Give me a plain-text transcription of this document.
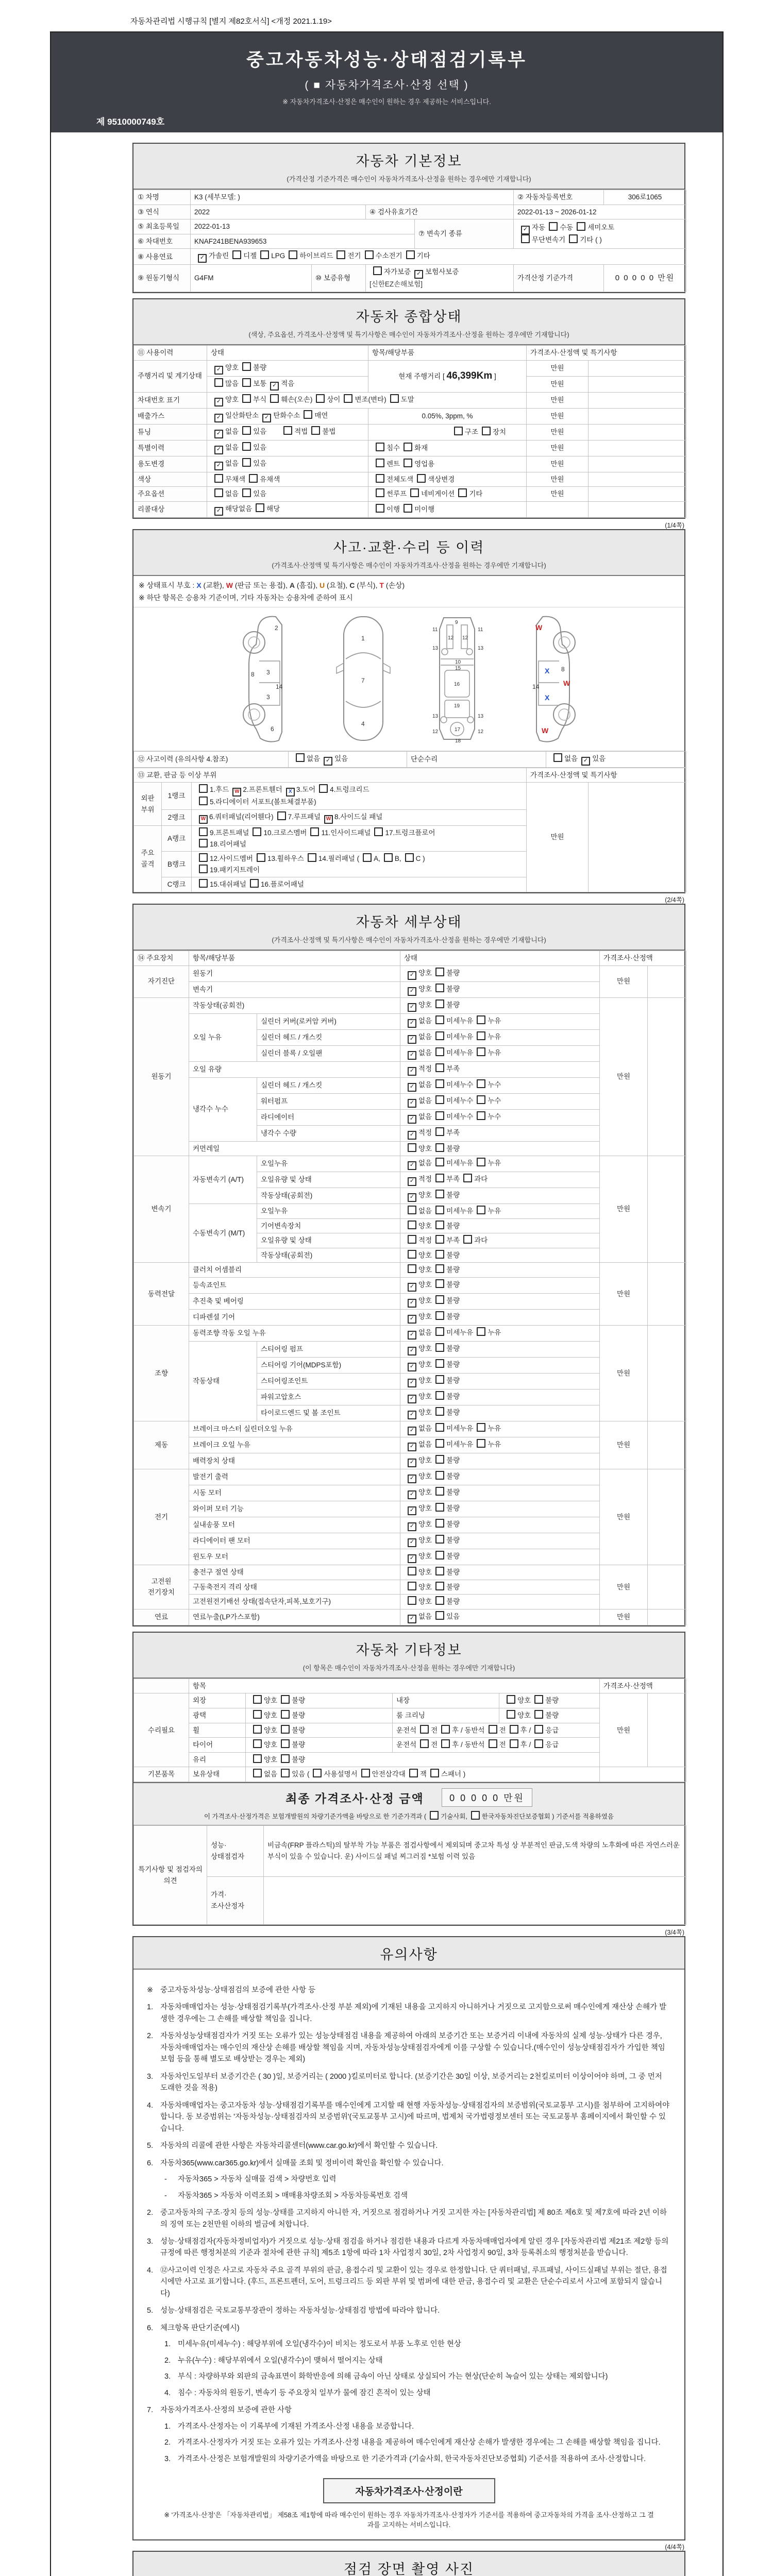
자동차관리법 시행규칙 [별지 제82호서식] <개정 2021.1.19>
중고자동차성능·상태점검기록부
( ■ 자동차가격조사·산정 선택 )
※ 자동차가격조사·산정은 매수인이 원하는 경우 제공하는 서비스입니다.
제 9510000749호
자동차 기본정보
(가격산정 기준가격은 매수인이 자동차가격조사·산정을 원하는 경우에만 기재합니다)
① 차명	K3 (세부모델: )				② 자동차등록번호	306로1065
③ 연식	2022		④ 검사유효기간		2022-01-13 ~ 2026-01-12	
⑤ 최초등록일	2022-01-13			⑦ 변속기 종류	✓ 자동 수동 세미오토
무단변속기 기타 ( )	
⑥ 차대번호	KNAF241BENA939653					
⑧ 사용연료	✓ 가솔린 디젤 LPG 하이브리드 전기 수소전기 기타					
⑨ 원동기형식	G4FM	⑩ 보증유형	자가보증 ✓ 보험사보증 [신한EZ손해보험]		가격산정 기준가격	0 0 0 0 0 만원
자동차 종합상태
(색상, 주요옵션, 가격조사·산정액 및 특기사항은 매수인이 자동차가격조사·산정을 원하는 경우에만 기재합니다)
⑪ 사용이력	상태	항목/해당부품	가격조사·산정액 및 특기사항	
주행거리 및 계기상태	✓ 양호 불량	현재 주행거리 [ 46,399Km ]	만원	
	많음 보통 ✓ 적음		만원	
차대번호 표기	✓ 양호 부식 훼손(오손) 상이 변조(변타) 도말		만원	
배출가스	✓ 일산화탄소 ✓ 탄화수소 매연	0.05%, 3ppm, %	만원	
튜닝	✓ 없음 있음 적법 불법	구조 장치	만원	
특별이력	✓ 없음 있음	침수 화재	만원	
용도변경	✓ 없음 있음	렌트 영업용	만원	
색상	무채색 유채색	전체도색 색상변경	만원	
주요옵션	없음 있음	썬루프 네비게이션 기타	만원	
리콜대상	✓ 해당없음 해당	이행 미이행		
(1/4쪽)
사고·교환·수리 등 이력
(가격조사·산정액 및 특기사항은 매수인이 자동차가격조사·산정을 원하는 경우에만 기재합니다)
※ 상태표시 부호 : X (교환), W (판금 또는 용접), A (흠집), U (요철), C (부식), T (손상)
※ 하단 항목은 승용차 기준이며, 기타 자동차는 승용차에 준하여 표시
2
8 3
14
3
6
1
7
4
9
11	11
13	13
12 12
10
15
16
19
13	13
12	12
17
18
W
X 8
W
14
X
W
⑫ 사고이력 (유의사항 4.참조)	없음 ✓ 있음	단순수리	없음 ✓ 있음
⑬ 교환, 판금 등 이상 부위			가격조사·산정액 및 특기사항	
외판 부위	1랭크	1.후드 W 2.프론트휀더 X 3.도어 4.트렁크리드
5.라디에이터 서포트(볼트체결부품)	만원	
	2랭크	W 6.쿼터패널(리어휀다) 7.루프패널 W 8.사이드실 패널		
주요 골격	A랭크	9.프론트패널 10.크로스멤버 11.인사이드패널 17.트렁크플로어
18.리어패널		
	B랭크	12.사이드멤버 13.휠하우스 14.필러패널 ( A, B, C )
19.패키지트레이		
	C랭크	15.대쉬패널 16.플로어패널		
(2/4쪽)
자동차 세부상태
(가격조사·산정액 및 특기사항은 매수인이 자동차가격조사·산정을 원하는 경우에만 기재합니다)
⑭ 주요장치	항목/해당부품		상태	가격조사·산정액	
자기진단	원동기		✓ 양호 불량	만원	
	변속기		✓ 양호 불량		
원동기	작동상태(공회전)		✓ 양호 불량	만원	
	오일 누유	실린더 커버(로커암 커버)	✓ 없음 미세누유 누유		
		실린더 헤드 / 개스킷	✓ 없음 미세누유 누유		
		실린더 블록 / 오일팬	✓ 없음 미세누유 누유		
	오일 유량		✓ 적정 부족		
	냉각수 누수	실린더 헤드 / 개스킷	✓ 없음 미세누수 누수		
		워터펌프	✓ 없음 미세누수 누수		
		라디에이터	✓ 없음 미세누수 누수		
		냉각수 수량	✓ 적정 부족		
	커먼레일		양호 불량		
변속기	자동변속기 (A/T)	오일누유	✓ 없음 미세누유 누유	만원	
		오일유량 및 상태	✓ 적정 부족 과다		
		작동상태(공회전)	✓ 양호 불량		
	수동변속기 (M/T)	오일누유	없음 미세누유 누유		
		기어변속장치	양호 불량		
		오일유량 및 상태	적정 부족 과다		
		작동상태(공회전)	양호 불량		
동력전달	클러치 어셈블리		양호 불량	만원	
	등속죠인트		✓ 양호 불량		
	추진축 및 베어링		✓ 양호 불량		
	디파렌셜 기어		✓ 양호 불량		
조향	동력조향 작동 오일 누유		✓ 없음 미세누유 누유	만원	
	작동상태	스티어링 펌프	✓ 양호 불량		
		스티어링 기어(MDPS포함)	✓ 양호 불량		
		스티어링조인트	✓ 양호 불량		
		파워고압호스	✓ 양호 불량		
		타이로드엔드 및 볼 조인트	✓ 양호 불량		
제동	브레이크 마스터 실린더오일 누유		✓ 없음 미세누유 누유	만원	
	브레이크 오일 누유		✓ 없음 미세누유 누유		
	배력장치 상태		✓ 양호 불량		
전기	발전기 출력		✓ 양호 불량	만원	
	시동 모터		✓ 양호 불량		
	와이퍼 모터 기능		✓ 양호 불량		
	실내송풍 모터		✓ 양호 불량		
	라디에이터 팬 모터		✓ 양호 불량		
	윈도우 모터		✓ 양호 불량		
고전원 전기장치	충전구 절연 상태		양호 불량	만원	
	구동축전지 격리 상태		양호 불량		
	고전원전기배선 상태(접속단자,피복,보호기구)		양호 불량		
연료	연료누출(LP가스포함)		✓ 없음 있음	만원	
자동차 기타정보
(이 항목은 매수인이 자동차가격조사·산정을 원하는 경우에만 기재합니다)
	항목				가격조사·산정액	
수리필요	외장	양호 불량	내장	양호 불량	만원	
	광택	양호 불량	룸 크리닝	양호 불량		
	휠	양호 불량	운전석 전 후 / 동반석 전 후 / 응급			
	타이어	양호 불량	운전석 전 후 / 동반석 전 후 / 응급			
	유리	양호 불량				
기본품목	보유상태	없음 있음 ( 사용설명서 안전삼각대 잭 스패너 )				
최종 가격조사·산정 금액	0 0 0 0 0 만원
이 가격조사·산정가격은 보험개발원의 차량기준가액을 바탕으로 한 기준가격과 ( 기술사회, 한국자동차진단보증협회 ) 기준서를 적용하였음
특기사항 및 점검자의 의견	성능·상태점검자	비금속(FRP 플라스틱)의 탈부착 가능 부품은 점검사항에서 제외되며 중고차 특성 상 부분적인 판금,도색 차량의 노후화에 따른 자연스러운 부식이 있을 수 있습니다. 운) 사이드실 패널 찌그러짐 *보험 이력 있음
	가격·조사산정자	
(3/4쪽)
유의사항
※ 중고자동차성능·상태점검의 보증에 관한 사항 등
1. 자동차매매업자는 성능·상태점검기록부(가격조사·산정 부분 제외)에 기재된 내용을 고지하지 아니하거나 거짓으로 고지함으로써 매수인에게 재산상 손해가 발생한 경우에는 그 손해를 배상할 책임을 집니다.
2. 자동차성능상태점검자가 거짓 또는 오류가 있는 성능상태점검 내용을 제공하여 아래의 보증기간 또는 보증거리 이내에 자동차의 실제 성능·상태가 다른 경우, 자동차매매업자는 매수인의 재산상 손해를 배상할 책임을 지며, 자동차성능상태점검자에게 이를 구상할 수 있습니다.(매수인이 성능상태점검자가 가입한 책임보험 등을 통해 별도로 배상받는 경우는 제외)
3. 자동차인도일부터 보증기간은 ( 30 )일, 보증거리는 ( 2000 )킬로미터로 합니다. (보증기간은 30일 이상, 보증거리는 2천킬로미터 이상이어야 하며, 그 중 먼저 도래한 것을 적용)
4. 자동차매매업자는 중고자동차 성능·상태점검기록부를 매수인에게 고지할 때 현행 자동차성능·상태점검자의 보증범위(국토교통부 고시)를 첨부하여 고지하여야 합니다. 동 보증범위는 '자동차성능·상태점검자의 보증범위'(국토교통부 고시)에 따르며, 법제처 국가법령정보센터 또는 국토교통부 홈페이지에서 확인할 수 있습니다.
5. 자동차의 리콜에 관한 사항은 자동차리콜센터(www.car.go.kr)에서 확인할 수 있습니다.
6. 자동차365(www.car365.go.kr)에서 실매물 조회 및 정비이력 확인을 확인할 수 있습니다.
-	자동차365 > 자동차 실매물 검색 > 차량번호 입력
-	자동차365 > 자동차 이력조회 > 매매용차량조회 > 자동차등록번호 검색
2. 중고자동차의 구조·장치 등의 성능·상태를 고지하지 아니한 자, 거짓으로 점검하거나 거짓 고지한 자는 [자동차관리법] 제 80조 제6호 및 제7호에 따라 2년 이하의 징역 또는 2천만원 이하의 벌금에 처합니다.
3. 성능·상태점검자(자동차정비업자)가 거짓으로 성능·상태 점검을 하거나 점검한 내용과 다르게 자동차매매업자에게 알린 경우 [자동차관리법 제21조 제2항 등의 규정에 따른 행정처분의 기준과 절차에 관한 규칙] 제5조 1항에 따라 1차 사업정지 30일, 2차 사업정지 90일, 3차 등록취소의 행정처분을 받습니다.
4. ⑫사고이력 인정은 사고로 자동차 주요 골격 부위의 판금, 용접수리 및 교환이 있는 경우로 한정합니다. 단 쿼터패널, 루프패널, 사이드실패널 부위는 절단, 용접 시에만 사고로 표기합니다. (후드, 프론트펜더, 도어, 트렁크리드 등 외판 부위 및 범퍼에 대한 판금, 용접수리 및 교환은 단순수리로서 사고에 포함되지 않습니다)
5. 성능·상태점검은 국토교통부장관이 정하는 자동차성능·상태점검 방법에 따라야 합니다.
6. 체크항목 판단기준(예시)
1. 미세누유(미세누수) : 해당부위에 오일(냉각수)이 비치는 정도로서 부품 노후로 인한 현상
2. 누유(누수) : 해당부위에서 오일(냉각수)이 맺혀서 떨어지는 상태
3. 부식 : 차량하부와 외판의 금속표면이 화학반응에 의해 금속이 아닌 상태로 상실되어 가는 현상(단순히 녹슬어 있는 상태는 제외합니다)
4. 침수 : 자동차의 원동기, 변속기 등 주요장치 일부가 물에 잠긴 흔적이 있는 상태
7. 자동차가격조사·산정의 보증에 관한 사항
1. 가격조사·산정자는 이 기록부에 기재된 가격조사·산정 내용을 보증합니다.
2. 가격조사·산정자가 거짓 또는 오류가 있는 가격조사·산정 내용을 제공하여 매수인에게 재산상 손해가 발생한 경우에는 그 손해를 배상할 책임을 집니다.
3. 가격조사·산정은 보험개발원의 차량기준가액을 바탕으로 한 기준가격과 (기술사회, 한국자동차진단보증협회) 기준서를 적용하여 조사·산정합니다.
자동차가격조사·산정이란
※ '가격조사·산정'은 「자동차관리법」 제58조 제1항에 따라 매수인이 원하는 경우 자동차가격조사·산정자가 기준서를 적용하여 중고자동차의 가격을 조사·산정하고 그 결과를 고지하는 서비스입니다.
(4/4쪽)
점검 장면 촬영 사진
